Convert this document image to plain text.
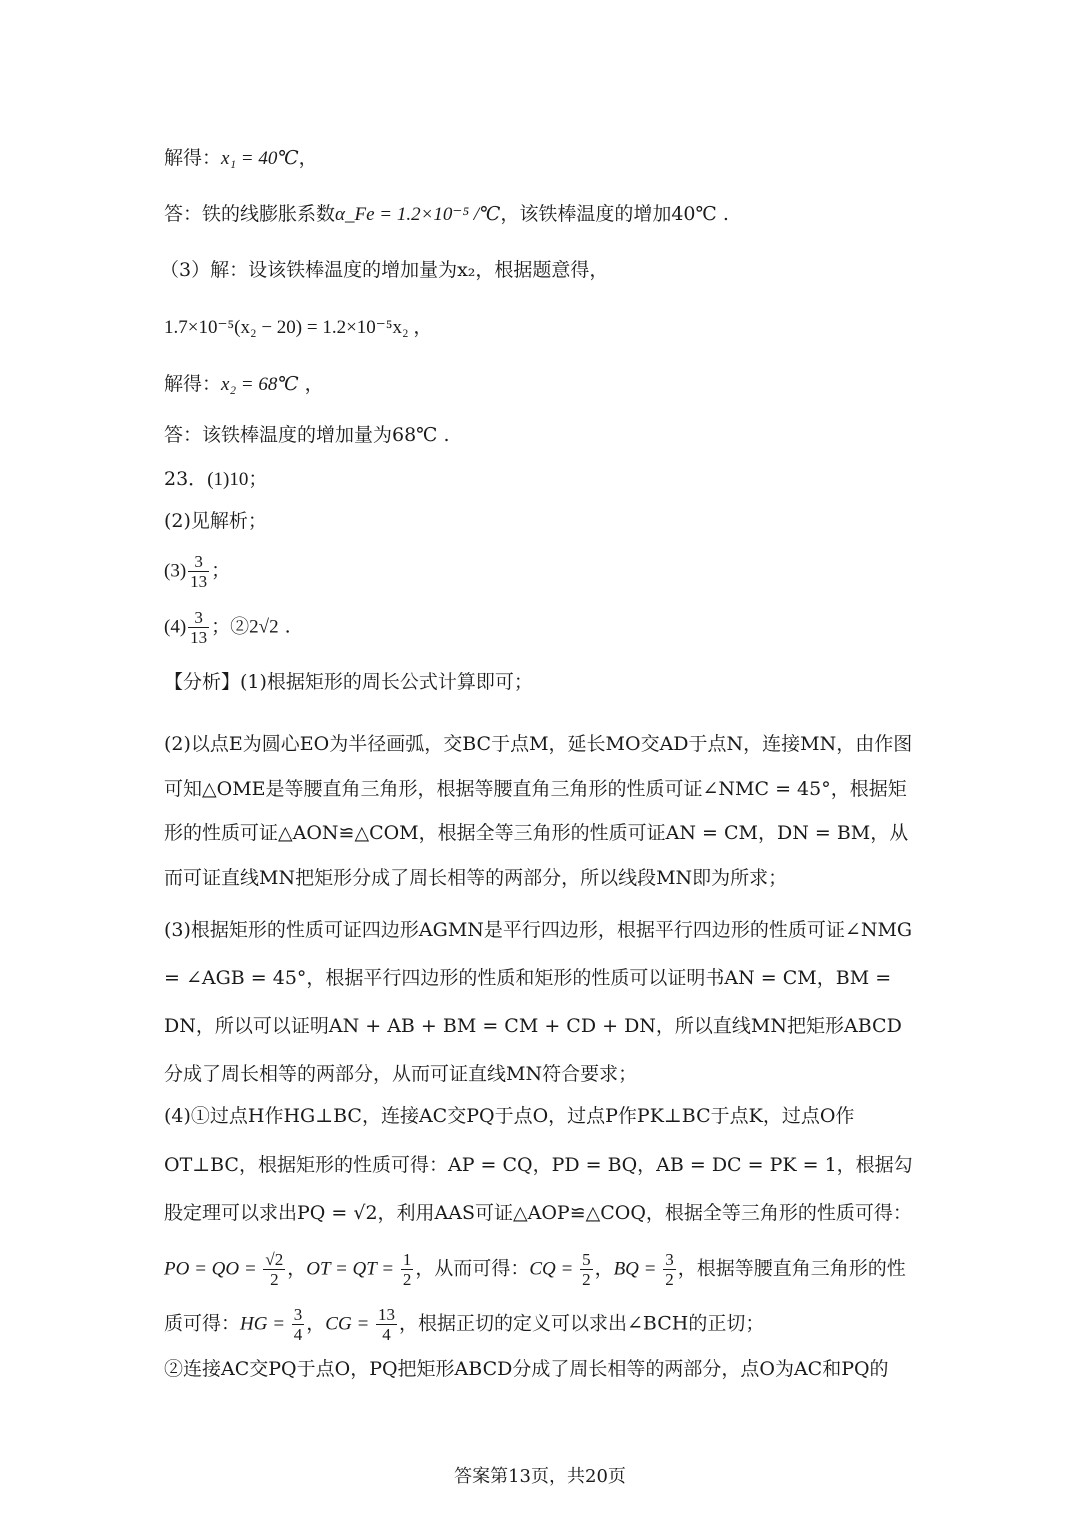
解得：x₁ = 40℃，
答：铁的线膨胀系数α_Fe = 1.2×10⁻⁵ /℃，该铁棒温度的增加40℃ .
（3）解：设该铁棒温度的增加量为x₂，根据题意得，
1.7×10⁻⁵(x₂ − 20) = 1.2×10⁻⁵x₂ ，
解得：x₂ = 68℃ ，
答：该铁棒温度的增加量为68℃ .
23．(1)10；
(2)见解析；
$(3) \frac{3}{13}$ ；
$(4) \frac{3}{13}$ ；②2√2 .
【分析】(1)根据矩形的周长公式计算即可；
(2)以点E为圆心EO为半径画弧，交BC于点M，延长MO交AD于点N，连接MN，由作图可知△OME是等腰直角三角形，根据等腰直角三角形的性质可证∠NMC = 45°，根据矩形的性质可证△AON≌△COM，根据全等三角形的性质可证AN = CM，DN = BM，从而可证直线MN把矩形分成了周长相等的两部分，所以线段MN即为所求；
(3)根据矩形的性质可证四边形AGMN是平行四边形，根据平行四边形的性质可证∠NMG = ∠AGB = 45°，根据平行四边形的性质和矩形的性质可以证明书AN = CM，BM = DN，所以可以证明AN + AB + BM = CM + CD + DN，所以直线MN把矩形ABCD分成了周长相等的两部分，从而可证直线MN符合要求；
(4)①过点H作HG⊥BC，连接AC交PQ于点O，过点P作PK⊥BC于点K，过点O作OT⊥BC，根据矩形的性质可得：AP = CQ，PD = BQ，AB = DC = PK = 1，根据勾股定理可以求出PQ = √2，利用AAS可证△AOP≌△COQ，根据全等三角形的性质可得：
PO = QO = $\frac{√2}{2}$ ，OT = QT = $\frac{1}{2}$ ，从而可得：CQ = $\frac{5}{2}$ ，BQ = $\frac{3}{2}$ ，根据等腰直角三角形的性
质可得：HG = $\frac{3}{4}$ ，CG = $\frac{13}{4}$ ，根据正切的定义可以求出∠BCH的正切；
②连接AC交PQ于点O，PQ把矩形ABCD分成了周长相等的两部分，点O为AC和PQ的
答案第13页，共20页
